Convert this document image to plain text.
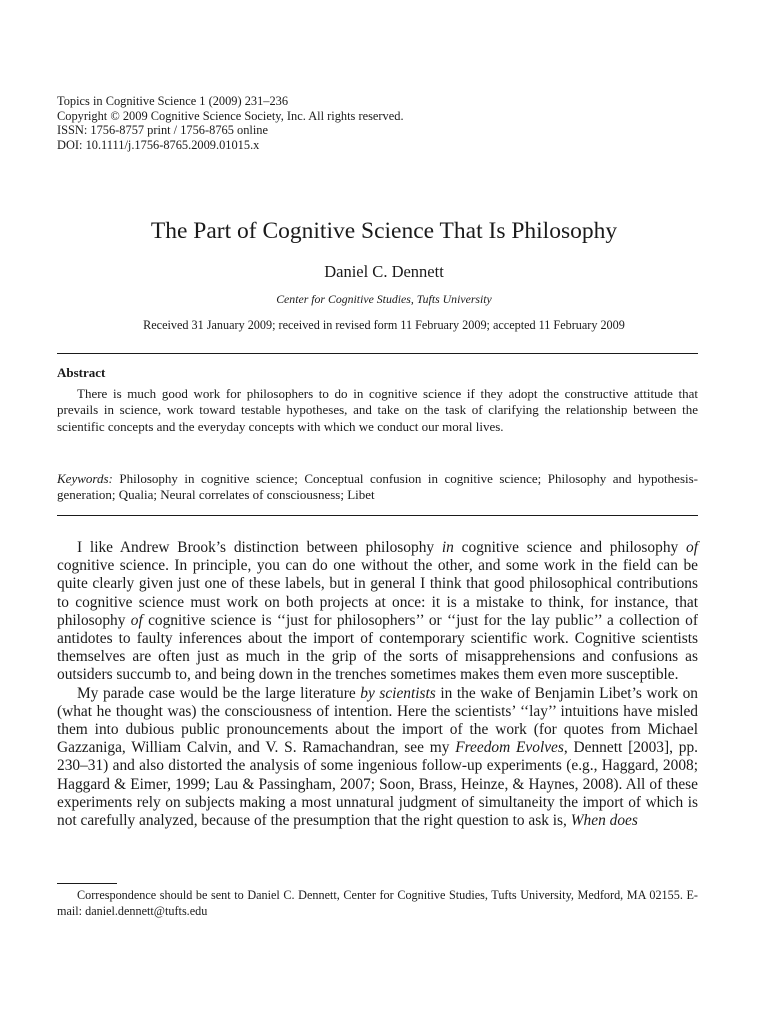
Topics in Cognitive Science 1 (2009) 231–236
Copyright © 2009 Cognitive Science Society, Inc. All rights reserved.
ISSN: 1756-8757 print / 1756-8765 online
DOI: 10.1111/j.1756-8765.2009.01015.x
The Part of Cognitive Science That Is Philosophy
Daniel C. Dennett
Center for Cognitive Studies, Tufts University
Received 31 January 2009; received in revised form 11 February 2009; accepted 11 February 2009
Abstract
There is much good work for philosophers to do in cognitive science if they adopt the constructive attitude that prevails in science, work toward testable hypotheses, and take on the task of clarifying the relationship between the scientific concepts and the everyday concepts with which we conduct our moral lives.
Keywords: Philosophy in cognitive science; Conceptual confusion in cognitive science; Philosophy and hypothesis-generation; Qualia; Neural correlates of consciousness; Libet

I like Andrew Brook’s distinction between philosophy in cognitive science and philosophy of cognitive science. In principle, you can do one without the other, and some work in the field can be quite clearly given just one of these labels, but in general I think that good philosophical contributions to cognitive science must work on both projects at once: it is a mistake to think, for instance, that philosophy of cognitive science is ‘‘just for philosophers’’ or ‘‘just for the lay public’’ a collection of antidotes to faulty inferences about the import of contemporary scientific work. Cognitive scientists themselves are often just as much in the grip of the sorts of misapprehensions and confusions as outsiders succumb to, and being down in the trenches sometimes makes them even more susceptible.

My parade case would be the large literature by scientists in the wake of Benjamin Libet’s work on (what he thought was) the consciousness of intention. Here the scientists’ ‘‘lay’’ intuitions have misled them into dubious public pronouncements about the import of the work (for quotes from Michael Gazzaniga, William Calvin, and V. S. Ramachandran, see my Freedom Evolves, Dennett [2003], pp. 230–31) and also distorted the analysis of some ingenious follow-up experiments (e.g., Haggard, 2008; Haggard & Eimer, 1999; Lau & Passingham, 2007; Soon, Brass, Heinze, & Haynes, 2008). All of these experiments rely on subjects making a most unnatural judgment of simultaneity the import of which is not carefully analyzed, because of the presumption that the right question to ask is, When does

Correspondence should be sent to Daniel C. Dennett, Center for Cognitive Studies, Tufts University, Medford, MA 02155. E-mail: daniel.dennett@tufts.edu
